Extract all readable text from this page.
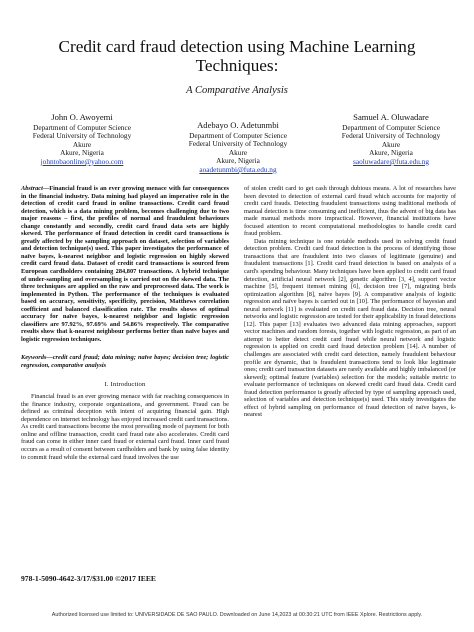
Credit card fraud detection using Machine Learning Techniques:
A Comparative Analysis
John O. Awoyemi
Department of Computer Science
Federal University of Technology
Akure
Akure, Nigeria
johntobaonline@yahoo.com
Adebayo O. Adetunmbi
Department of Computer Science
Federal University of Technology
Akure
Akure, Nigeria
aoadetunmbi@futa.edu.ng
Samuel A. Oluwadare
Department of Computer Science
Federal University of Technology
Akure
Akure, Nigeria
saoluwadare@futa.edu.ng

Abstract—Financial fraud is an ever growing menace with far consequences in the financial industry. Data mining had played an imperative role in the detection of credit card fraud in online transactions. Credit card fraud detection, which is a data mining problem, becomes challenging due to two major reasons – first, the profiles of normal and fraudulent behaviours change constantly and secondly, credit card fraud data sets are highly skewed. The performance of fraud detection in credit card transactions is greatly affected by the sampling approach on dataset, selection of variables and detection technique(s) used. This paper investigates the performance of naïve bayes, k-nearest neighbor and logistic regression on highly skewed credit card fraud data. Dataset of credit card transactions is sourced from European cardholders containing 284,807 transactions. A hybrid technique of under-sampling and oversampling is carried out on the skewed data. The three techniques are applied on the raw and preprocessed data. The work is implemented in Python. The performance of the techniques is evaluated based on accuracy, sensitivity, specificity, precision, Matthews correlation coefficient and balanced classification rate. The results shows of optimal accuracy for naïve bayes, k-nearest neighbor and logistic regression classifiers are 97.92%, 97.69% and 54.86% respectively. The comparative results show that k-nearest neighbour performs better than naïve bayes and logistic regression techniques.

Keywords—credit card fraud; data mining; naïve bayes; decision tree; logistic regression, comparative analysis

I. Introduction

Financial fraud is an ever growing menace with far reaching consequences in the finance industry, corporate organizations, and government. Fraud can be defined as criminal deception with intent of acquiring financial gain. High dependence on internet technology has enjoyed increased credit card transactions. As credit card transactions become the most prevailing mode of payment for both online and offline transaction, credit card fraud rate also accelerates. Credit card fraud can come in either inner card fraud or external card fraud. Inner card fraud occurs as a result of consent between cardholders and bank by using false identity to commit fraud while the external card fraud involves the use

of stolen credit card to get cash through dubious means. A lot of researches have been devoted to detection of external card fraud which accounts for majority of credit card frauds. Detecting fraudulent transactions using traditional methods of manual detection is time consuming and inefficient, thus the advent of big data has made manual methods more impractical. However, financial institutions have focused attention to recent computational methodologies to handle credit card fraud problem.

Data mining technique is one notable methods used in solving credit fraud detection problem. Credit card fraud detection is the process of identifying those transactions that are fraudulent into two classes of legitimate (genuine) and fraudulent transactions [1]. Credit card fraud detection is based on analysis of a card's spending behaviour. Many techniques have been applied to credit card fraud detection, artificial neural network [2], genetic algorithm [3, 4], support vector machine [5], frequent itemset mining [6], decision tree [7], migrating birds optimization algorithm [8], naïve bayes [9]. A comparative analysis of logistic regression and naïve bayes is carried out in [10]. The performance of bayesian and neural network [11] is evaluated on credit card fraud data. Decision tree, neural networks and logistic regression are tested for their applicability in fraud detections [12]. This paper [13] evaluates two advanced data mining approaches, support vector machines and random forests, together with logistic regression, as part of an attempt to better detect credit card fraud while neural network and logistic regression is applied on credit card fraud detection problem [14]. A number of challenges are associated with credit card detection, namely fraudulent behaviour profile are dynamic, that is fraudulent transactions tend to look like legitimate ones; credit card transaction datasets are rarely available and highly imbalanced (or skewed); optimal feature (variables) selection for the models; suitable metric to evaluate performance of techniques on skewed credit card fraud data. Credit card fraud detection performance is greatly affected by type of sampling approach used, selection of variables and detection technique(s) used. This study investigates the effect of hybrid sampling on performance of fraud detection of naïve bayes, k-nearest

978-1-5090-4642-3/17/$31.00 ©2017 IEEE
Authorized licensed use limited to: UNIVERSIDADE DE SAO PAULO. Downloaded on June 14,2023 at 00:30:21 UTC from IEEE Xplore. Restrictions apply.
